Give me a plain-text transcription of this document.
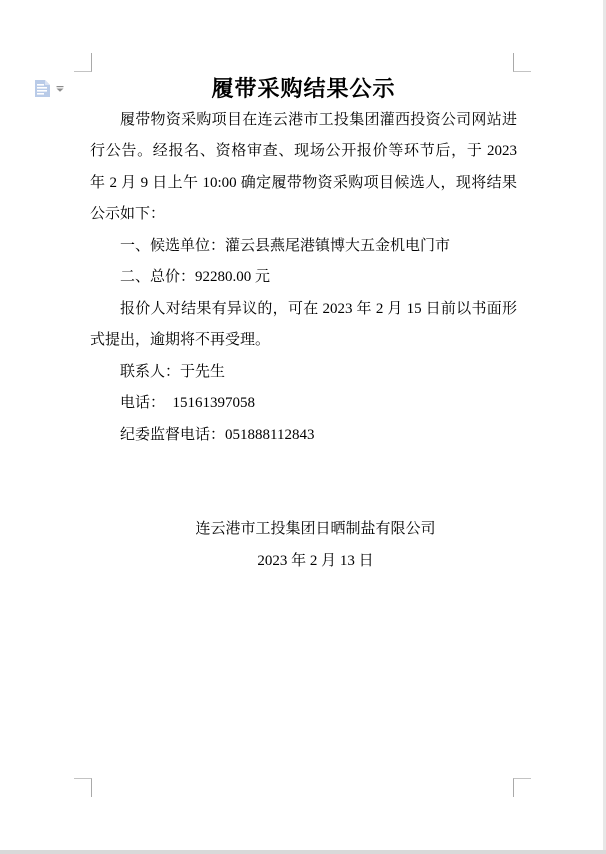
履带采购结果公示

履带物资采购项目在连云港市工投集团灌西投资公司网站进行公告。经报名、资格审查、现场公开报价等环节后，于 2023 年 2 月 9 日上午 10:00 确定履带物资采购项目候选人，现将结果公示如下：

一、候选单位：灌云县燕尾港镇博大五金机电门市

二、总价：92280.00 元

报价人对结果有异议的，可在 2023 年 2 月 15 日前以书面形式提出，逾期将不再受理。

联系人：于先生

电话：　15161397058

纪委监督电话：051888112843

连云港市工投集团日晒制盐有限公司

2023 年 2 月 13 日
